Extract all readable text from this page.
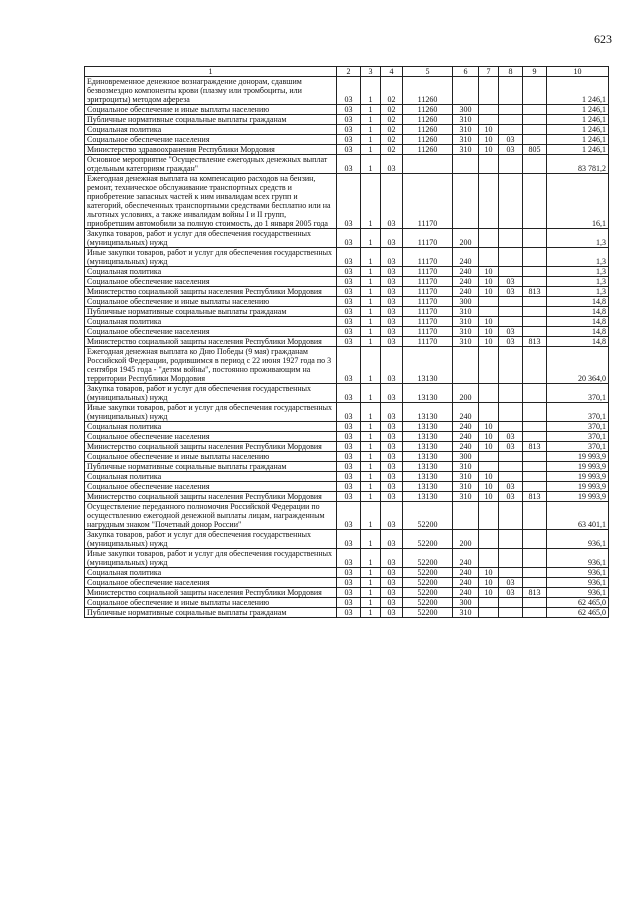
623
1	2	3	4	5	6	7	8	9	10
Единовременное денежное вознаграждение донорам, сдавшим безвозмездно компоненты крови (плазму или тромбоциты, или эритроциты) методом афереза	03	1	02	11260					1 246,1
Социальное обеспечение и иные выплаты населению	03	1	02	11260	300				1 246,1
Публичные нормативные социальные выплаты гражданам	03	1	02	11260	310				1 246,1
Социальная политика	03	1	02	11260	310	10			1 246,1
Социальное обеспечение населения	03	1	02	11260	310	10	03		1 246,1
Министерство здравоохранения Республики Мордовия	03	1	02	11260	310	10	03	805	1 246,1
Основное мероприятие "Осуществление ежегодных денежных выплат отдельным категориям граждан"	03	1	03						83 781,2
Ежегодная денежная выплата на компенсацию расходов на бензин, ремонт, техническое обслуживание транспортных средств и приобретение запасных частей к ним инвалидам всех групп и категорий, обеспеченных транспортными средствами бесплатно или на льготных условиях, а также инвалидам войны I и II групп, приобретшим автомобили за полную стоимость, до 1 января 2005 года	03	1	03	11170					16,1
Закупка товаров, работ и услуг для обеспечения государственных (муниципальных) нужд	03	1	03	11170	200				1,3
Иные закупки товаров, работ и услуг для обеспечения государственных (муниципальных) нужд	03	1	03	11170	240				1,3
Социальная политика	03	1	03	11170	240	10			1,3
Социальное обеспечение населения	03	1	03	11170	240	10	03		1,3
Министерство социальной защиты населения Республики Мордовия	03	1	03	11170	240	10	03	813	1,3
Социальное обеспечение и иные выплаты населению	03	1	03	11170	300				14,8
Публичные нормативные социальные выплаты гражданам	03	1	03	11170	310				14,8
Социальная политика	03	1	03	11170	310	10			14,8
Социальное обеспечение населения	03	1	03	11170	310	10	03		14,8
Министерство социальной защиты населения Республики Мордовия	03	1	03	11170	310	10	03	813	14,8
Ежегодная денежная выплата ко Дню Победы (9 мая) гражданам Российской Федерации, родившимся в период с 22 июня 1927 года по 3 сентября 1945 года - "детям войны", постоянно проживающим на территории Республики Мордовия	03	1	03	13130					20 364,0
Закупка товаров, работ и услуг для обеспечения государственных (муниципальных) нужд	03	1	03	13130	200				370,1
Иные закупки товаров, работ и услуг для обеспечения государственных (муниципальных) нужд	03	1	03	13130	240				370,1
Социальная политика	03	1	03	13130	240	10			370,1
Социальное обеспечение населения	03	1	03	13130	240	10	03		370,1
Министерство социальной защиты населения Республики Мордовия	03	1	03	13130	240	10	03	813	370,1
Социальное обеспечение и иные выплаты населению	03	1	03	13130	300				19 993,9
Публичные нормативные социальные выплаты гражданам	03	1	03	13130	310				19 993,9
Социальная политика	03	1	03	13130	310	10			19 993,9
Социальное обеспечение населения	03	1	03	13130	310	10	03		19 993,9
Министерство социальной защиты населения Республики Мордовия	03	1	03	13130	310	10	03	813	19 993,9
Осуществление переданного полномочия Российской Федерации по осуществлению ежегодной денежной выплаты лицам, награжденным нагрудным знаком "Почетный донор России"	03	1	03	52200					63 401,1
Закупка товаров, работ и услуг для обеспечения государственных (муниципальных) нужд	03	1	03	52200	200				936,1
Иные закупки товаров, работ и услуг для обеспечения государственных (муниципальных) нужд	03	1	03	52200	240				936,1
Социальная политика	03	1	03	52200	240	10			936,1
Социальное обеспечение населения	03	1	03	52200	240	10	03		936,1
Министерство социальной защиты населения Республики Мордовия	03	1	03	52200	240	10	03	813	936,1
Социальное обеспечение и иные выплаты населению	03	1	03	52200	300				62 465,0
Публичные нормативные социальные выплаты гражданам	03	1	03	52200	310				62 465,0
